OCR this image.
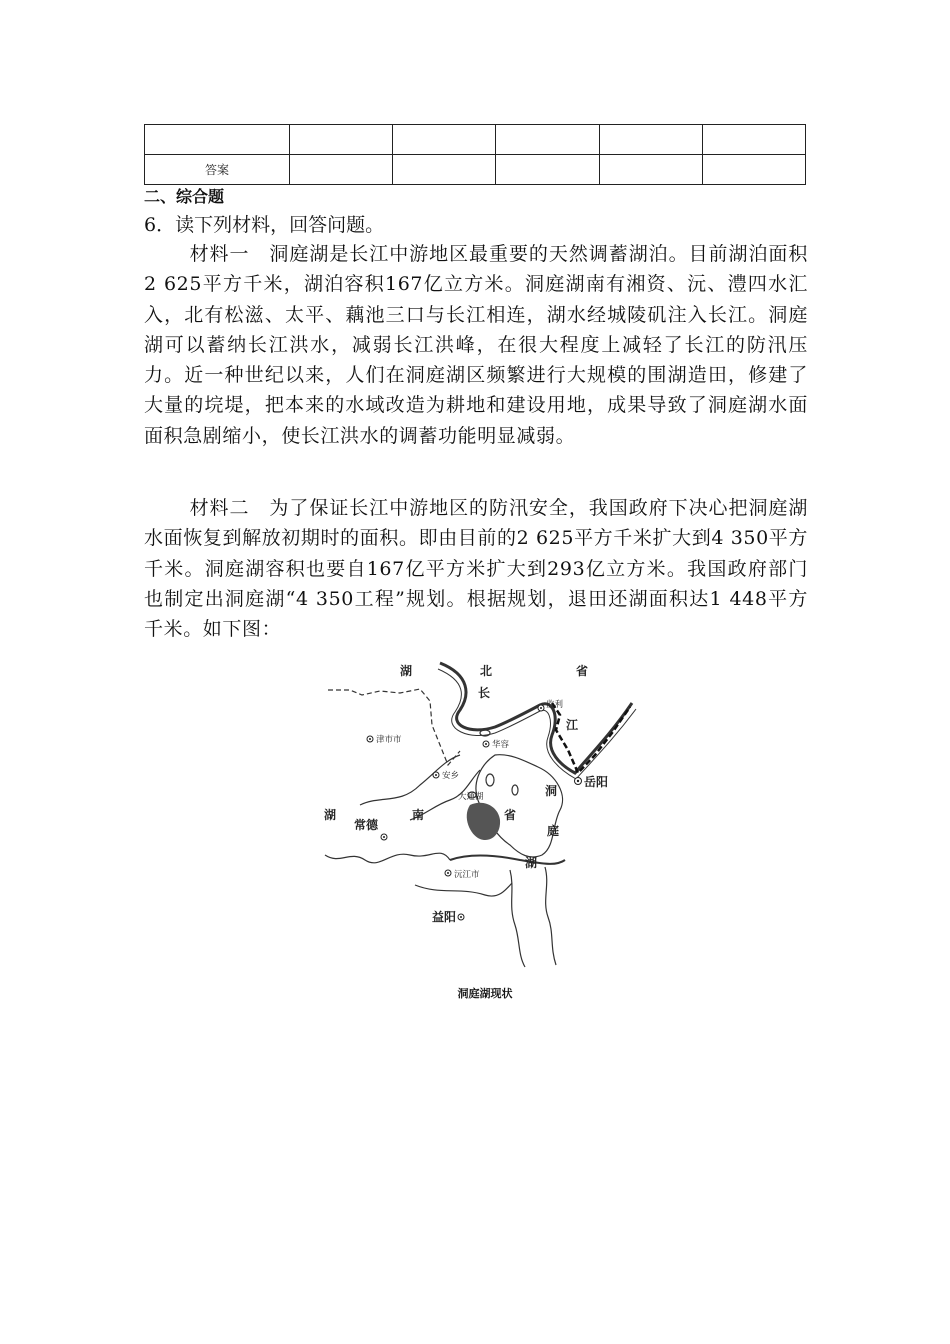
答案					

二、综合题

6．读下列材料，回答问题。

材料一　洞庭湖是长江中游地区最重要的天然调蓄湖泊。目前湖泊面积2 625平方千米，湖泊容积167亿立方米。洞庭湖南有湘资、沅、澧四水汇入，北有松滋、太平、藕池三口与长江相连，湖水经城陵矶注入长江。洞庭湖可以蓄纳长江洪水，减弱长江洪峰，在很大程度上减轻了长江的防汛压力。近一种世纪以来，人们在洞庭湖区频繁进行大规模的围湖造田，修建了大量的垸堤，把本来的水域改造为耕地和建设用地，成果导致了洞庭湖水面面积急剧缩小，使长江洪水的调蓄功能明显减弱。

材料二　为了保证长江中游地区的防汛安全，我国政府下决心把洞庭湖水面恢复到解放初期时的面积。即由目前的2 625平方千米扩大到4 350平方千米。洞庭湖容积也要自167亿平方米扩大到293亿立方米。我国政府部门也制定出洞庭湖“4 350工程”规划。根据规划，退田还湖面积达1 448平方千米。如下图：

湖	北	省
湖	南	省
长
江
洞
庭
湖
监利
津市市	华容
安乡	岳阳
大通湖
常德
沅江市
益阳

洞庭湖现状
